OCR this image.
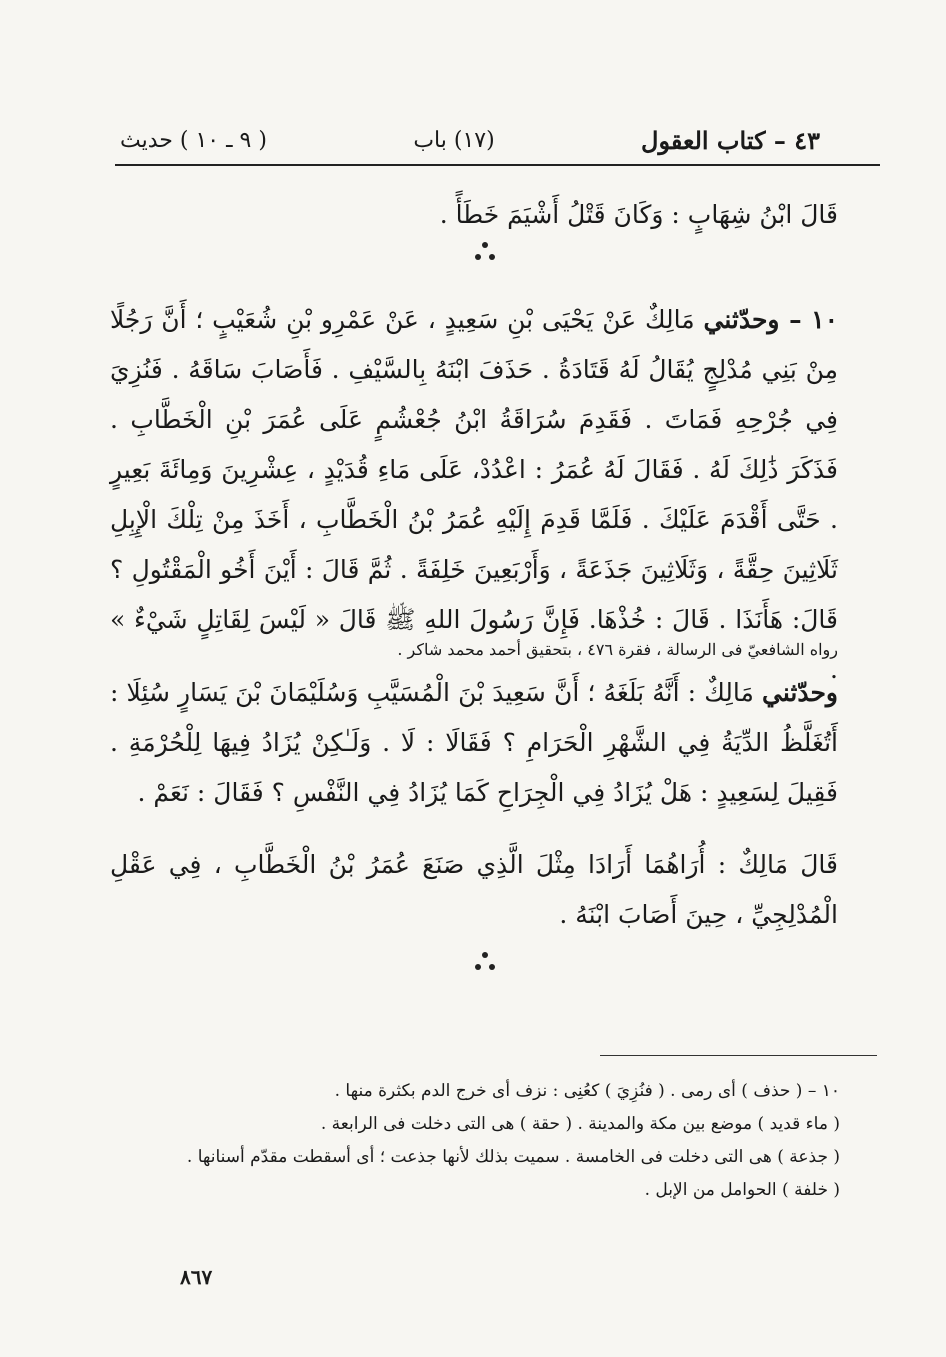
٤٣ – كتاب العقول
(١٧) باب
( ٩ ـ ١٠ ) حديث
قَالَ ابْنُ شِهَابٍ : وَكَانَ قَتْلُ أَشْيَمَ خَطَأً .
١٠ – وحدّثني مَالِكٌ عَنْ يَحْيَى بْنِ سَعِيدٍ ، عَنْ عَمْرِو بْنِ شُعَيْبٍ ؛ أَنَّ رَجُلًا مِنْ بَنِي مُدْلِجٍ يُقَالُ لَهُ قَتَادَةُ . حَذَفَ ابْنَهُ بِالسَّيْفِ . فَأَصَابَ سَاقَهُ . فَنُزِيَ فِي جُرْحِهِ فَمَاتَ . فَقَدِمَ سُرَاقَةُ ابْنُ جُعْشُمٍ عَلَى عُمَرَ بْنِ الْخَطَّابِ . فَذَكَرَ ذَٰلِكَ لَهُ . فَقَالَ لَهُ عُمَرُ : اعْدُدْ، عَلَى مَاءِ قُدَيْدٍ ، عِشْرِينَ وَمِائَةَ بَعِيرٍ . حَتَّى أَقْدَمَ عَلَيْكَ . فَلَمَّا قَدِمَ إِلَيْهِ عُمَرُ بْنُ الْخَطَّابِ ، أَخَذَ مِنْ تِلْكَ الْإِبِلِ ثَلَاثِينَ حِقَّةً ، وَثَلَاثِينَ جَذَعَةً ، وَأَرْبَعِينَ خَلِفَةً . ثُمَّ قَالَ : أَيْنَ أَخُو الْمَقْتُولِ ؟ قَالَ: هَأَنَذَا . قَالَ : خُذْهَا. فَإِنَّ رَسُولَ اللهِ ﷺ قَالَ « لَيْسَ لِقَاتِلٍ شَيْءٌ » .
رواه الشافعيّ فى الرسالة ، فقرة ٤٧٦ ، بتحقيق أحمد محمد شاكر .
وحدّثني مَالِكٌ : أَنَّهُ بَلَغَهُ ؛ أَنَّ سَعِيدَ بْنَ الْمُسَيَّبِ وَسُلَيْمَانَ بْنَ يَسَارٍ سُئِلَا : أَتُغَلَّظُ الدِّيَةُ فِي الشَّهْرِ الْحَرَامِ ؟ فَقَالَا : لَا . وَلَـٰكِنْ يُزَادُ فِيهَا لِلْحُرْمَةِ . فَقِيلَ لِسَعِيدٍ : هَلْ يُزَادُ فِي الْجِرَاحِ كَمَا يُزَادُ فِي النَّفْسِ ؟ فَقَالَ : نَعَمْ .
قَالَ مَالِكٌ : أُرَاهُمَا أَرَادَا مِثْلَ الَّذِي صَنَعَ عُمَرُ بْنُ الْخَطَّابِ ، فِي عَقْلِ الْمُدْلِجِيِّ ، حِينَ أَصَابَ ابْنَهُ .
١٠ – ( حذف ) أى رمى . ( فنُزِيَ ) كعُنِى : نزف أى خرج الدم بكثرة منها .
( ماء قديد ) موضع بين مكة والمدينة . ( حقة ) هى التى دخلت فى الرابعة .
( جذعة ) هى التى دخلت فى الخامسة . سميت بذلك لأنها جذعت ؛ أى أسقطت مقدّم أسنانها .
( خلفة ) الحوامل من الإبل .
٨٦٧
